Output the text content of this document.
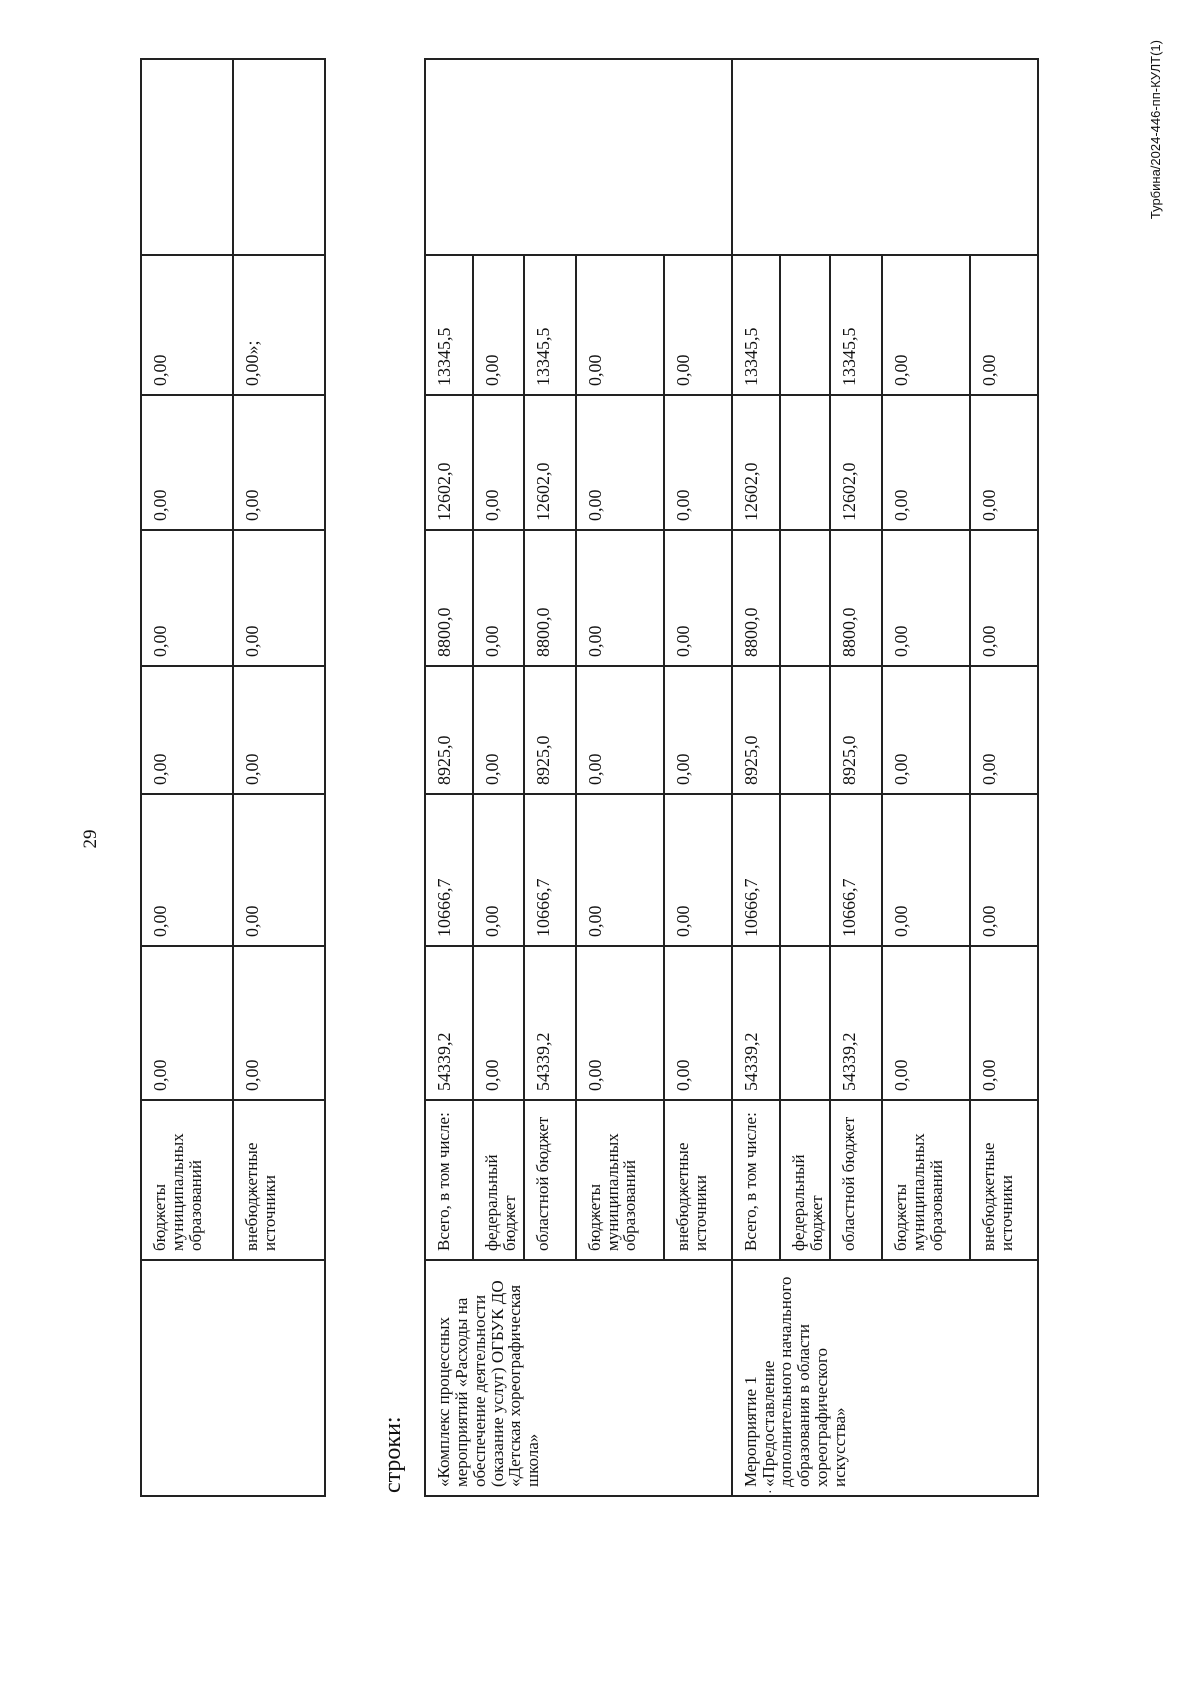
29
	бюджеты муниципальных образований	0,00	0,00	0,00	0,00	0,00	0,00	
	внебюджетные источники	0,00	0,00	0,00	0,00	0,00	0,00»;	
строки: «Комплекс процессных мероприятий «Расходы на обеспечение деятельности (оказание услуг) ОГБУК ДО «Детская хореографическая школа»	Всего, в том числе:	54339,2	10666,7	8925,0	8800,0	12602,0	13345,5	
	федеральный бюджет	0,00	0,00	0,00	0,00	0,00	0,00	
	областной бюджет	54339,2	10666,7	8925,0	8800,0	12602,0	13345,5	
	бюджеты муниципальных образований	0,00	0,00	0,00	0,00	0,00	0,00	
	внебюджетные источники	0,00	0,00	0,00	0,00	0,00	0,00	
Мероприятие 1 «Предоставление дополнительного начального образования в области хореографического искусства»	Всего, в том числе:	54339,2	10666,7	8925,0	8800,0	12602,0	13345,5	
	федеральный бюджет							
	областной бюджет	54339,2	10666,7	8925,0	8800,0	12602,0	13345,5	
	бюджеты муниципальных образований	0,00	0,00	0,00	0,00	0,00	0,00	
	внебюджетные источники	0,00	0,00	0,00	0,00	0,00	0,00	
·
Турбина/2024-446-пп-КУЛТ(1)
